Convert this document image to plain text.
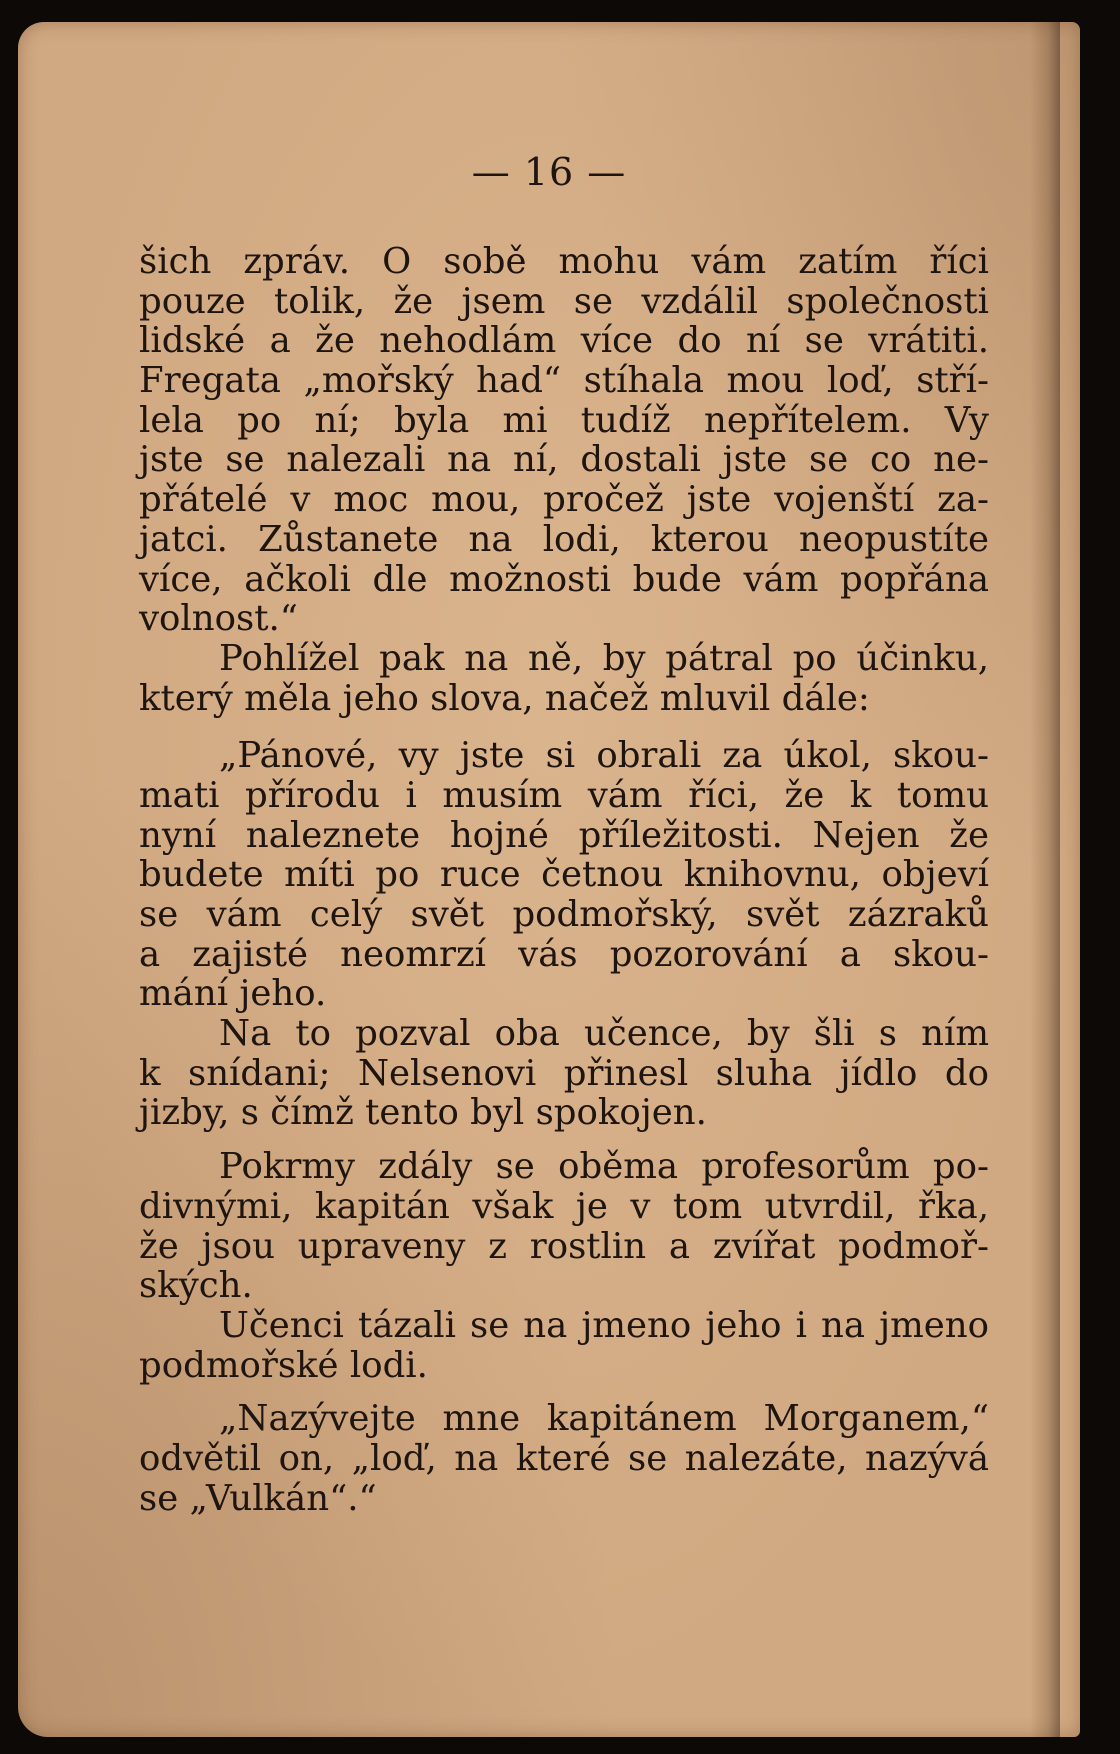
— 16 —
šich zpráv. O sobě mohu vám zatím říci
pouze tolik, že jsem se vzdálil společnosti
lidské a že nehodlám více do ní se vrátiti.
Fregata „mořský had“ stíhala mou loď, stří-
lela po ní; byla mi tudíž nepřítelem. Vy
jste se nalezali na ní, dostali jste se co ne-
přátelé v moc mou, pročež jste vojenští za-
jatci. Zůstanete na lodi, kterou neopustíte
více, ačkoli dle možnosti bude vám popřána
volnost.“
Pohlížel pak na ně, by pátral po účinku,
který měla jeho slova, načež mluvil dále:
„Pánové, vy jste si obrali za úkol, skou-
mati přírodu i musím vám říci, že k tomu
nyní naleznete hojné příležitosti. Nejen že
budete míti po ruce četnou knihovnu, objeví
se vám celý svět podmořský, svět zázraků
a zajisté neomrzí vás pozorování a skou-
mání jeho.
Na to pozval oba učence, by šli s ním
k snídani; Nelsenovi přinesl sluha jídlo do
jizby, s čímž tento byl spokojen.
Pokrmy zdály se oběma profesorům po-
divnými, kapitán však je v tom utvrdil, řka,
že jsou upraveny z rostlin a zvířat podmoř-
ských.
Učenci tázali se na jmeno jeho i na jmeno
podmořské lodi.
„Nazývejte mne kapitánem Morganem,“
odvětil on, „loď, na které se nalezáte, nazývá
se „Vulkán“.“
